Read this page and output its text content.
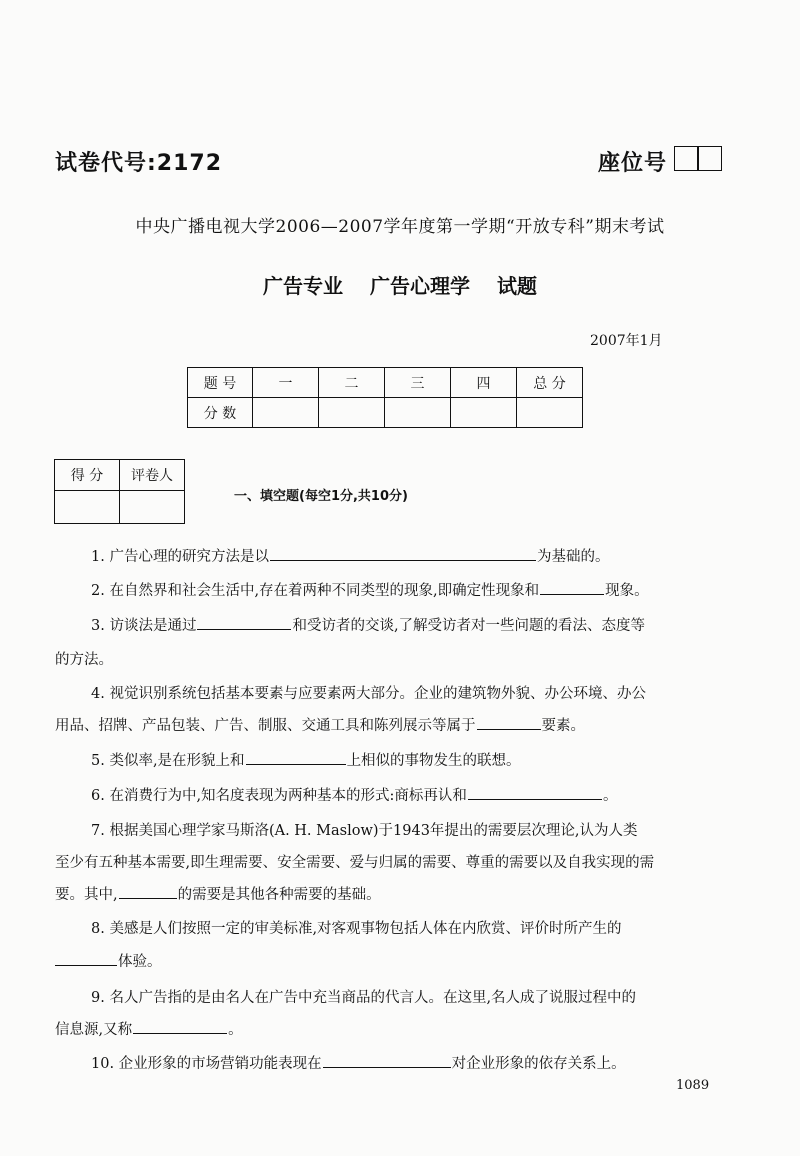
试卷代号:2172	座位号
中央广播电视大学2006—2007学年度第一学期“开放专科”期末考试
广告专业 广告心理学 试题
2007年1月
题 号	一	二	三	四	总 分
分 数					
得 分	评卷人

一、填空题(每空1分,共10分)
1. 广告心理的研究方法是以	为基础的。
2. 在自然界和社会生活中,存在着两种不同类型的现象,即确定性现象和	现象。
3. 访谈法是通过	和受访者的交谈,了解受访者对一些问题的看法、态度等
的方法。
4. 视觉识别系统包括基本要素与应要素两大部分。企业的建筑物外貌、办公环境、办公
用品、招牌、产品包装、广告、制服、交通工具和陈列展示等属于	要素。
5. 类似率,是在形貌上和	上相似的事物发生的联想。
6. 在消费行为中,知名度表现为两种基本的形式:商标再认和	。
7. 根据美国心理学家马斯洛(A. H. Maslow)于1943年提出的需要层次理论,认为人类
至少有五种基本需要,即生理需要、安全需要、爱与归属的需要、尊重的需要以及自我实现的需
要。其中,	的需要是其他各种需要的基础。
8. 美感是人们按照一定的审美标准,对客观事物包括人体在内欣赏、评价时所产生的
体验。
9. 名人广告指的是由名人在广告中充当商品的代言人。在这里,名人成了说服过程中的
信息源,又称	。
10. 企业形象的市场营销功能表现在	对企业形象的依存关系上。
1089
